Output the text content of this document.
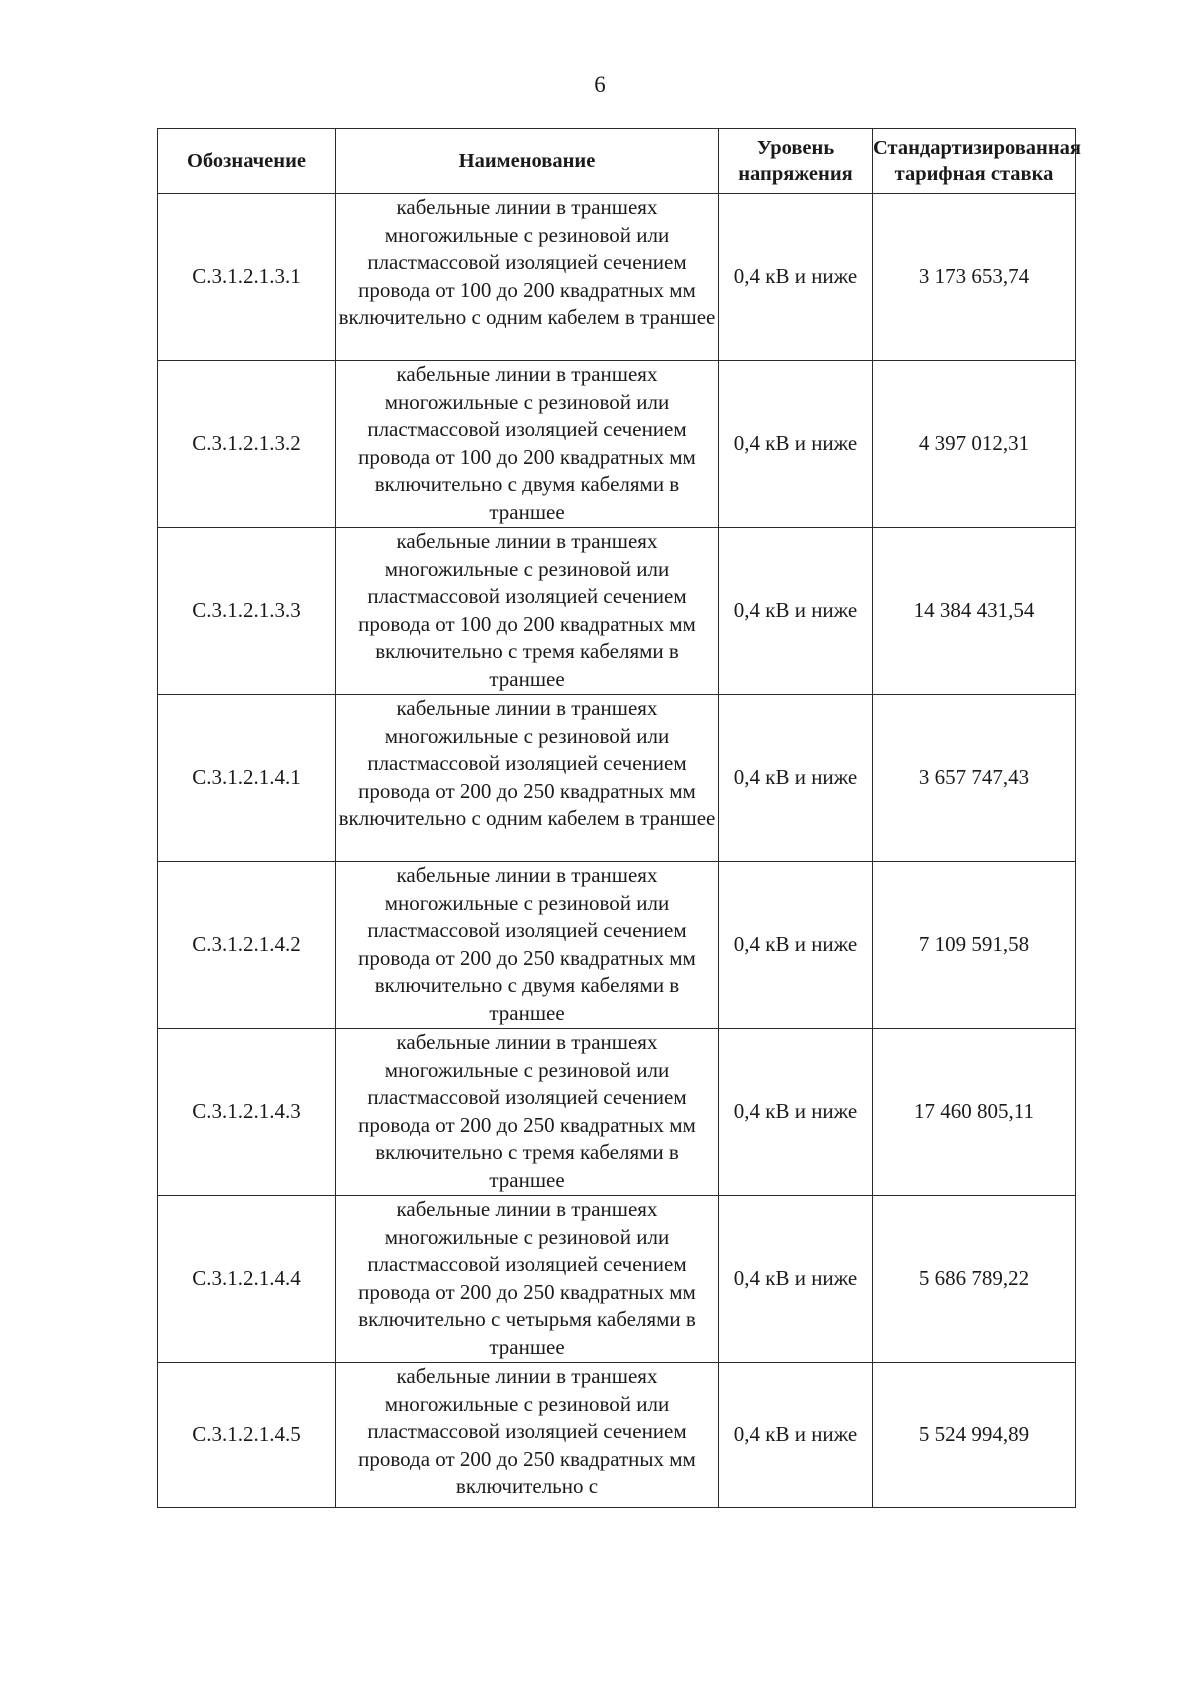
6
Обозначение	Наименование	Уровень напряжения	Стандартизированная тарифная ставка
С.3.1.2.1.3.1	кабельные линии в траншеях многожильные с резиновой или пластмассовой изоляцией сечением провода от 100 до 200 квадратных мм включительно с одним кабелем в траншее	0,4 кВ и ниже	3 173 653,74
С.3.1.2.1.3.2	кабельные линии в траншеях многожильные с резиновой или пластмассовой изоляцией сечением провода от 100 до 200 квадратных мм включительно с двумя кабелями в траншее	0,4 кВ и ниже	4 397 012,31
С.3.1.2.1.3.3	кабельные линии в траншеях многожильные с резиновой или пластмассовой изоляцией сечением провода от 100 до 200 квадратных мм включительно с тремя кабелями в траншее	0,4 кВ и ниже	14 384 431,54
С.3.1.2.1.4.1	кабельные линии в траншеях многожильные с резиновой или пластмассовой изоляцией сечением провода от 200 до 250 квадратных мм включительно с одним кабелем в траншее	0,4 кВ и ниже	3 657 747,43
С.3.1.2.1.4.2	кабельные линии в траншеях многожильные с резиновой или пластмассовой изоляцией сечением провода от 200 до 250 квадратных мм включительно с двумя кабелями в траншее	0,4 кВ и ниже	7 109 591,58
С.3.1.2.1.4.3	кабельные линии в траншеях многожильные с резиновой или пластмассовой изоляцией сечением провода от 200 до 250 квадратных мм включительно с тремя кабелями в траншее	0,4 кВ и ниже	17 460 805,11
С.3.1.2.1.4.4	кабельные линии в траншеях многожильные с резиновой или пластмассовой изоляцией сечением провода от 200 до 250 квадратных мм включительно с четырьмя кабелями в траншее	0,4 кВ и ниже	5 686 789,22
С.3.1.2.1.4.5	кабельные линии в траншеях многожильные с резиновой или пластмассовой изоляцией сечением провода от 200 до 250 квадратных мм включительно с	0,4 кВ и ниже	5 524 994,89
